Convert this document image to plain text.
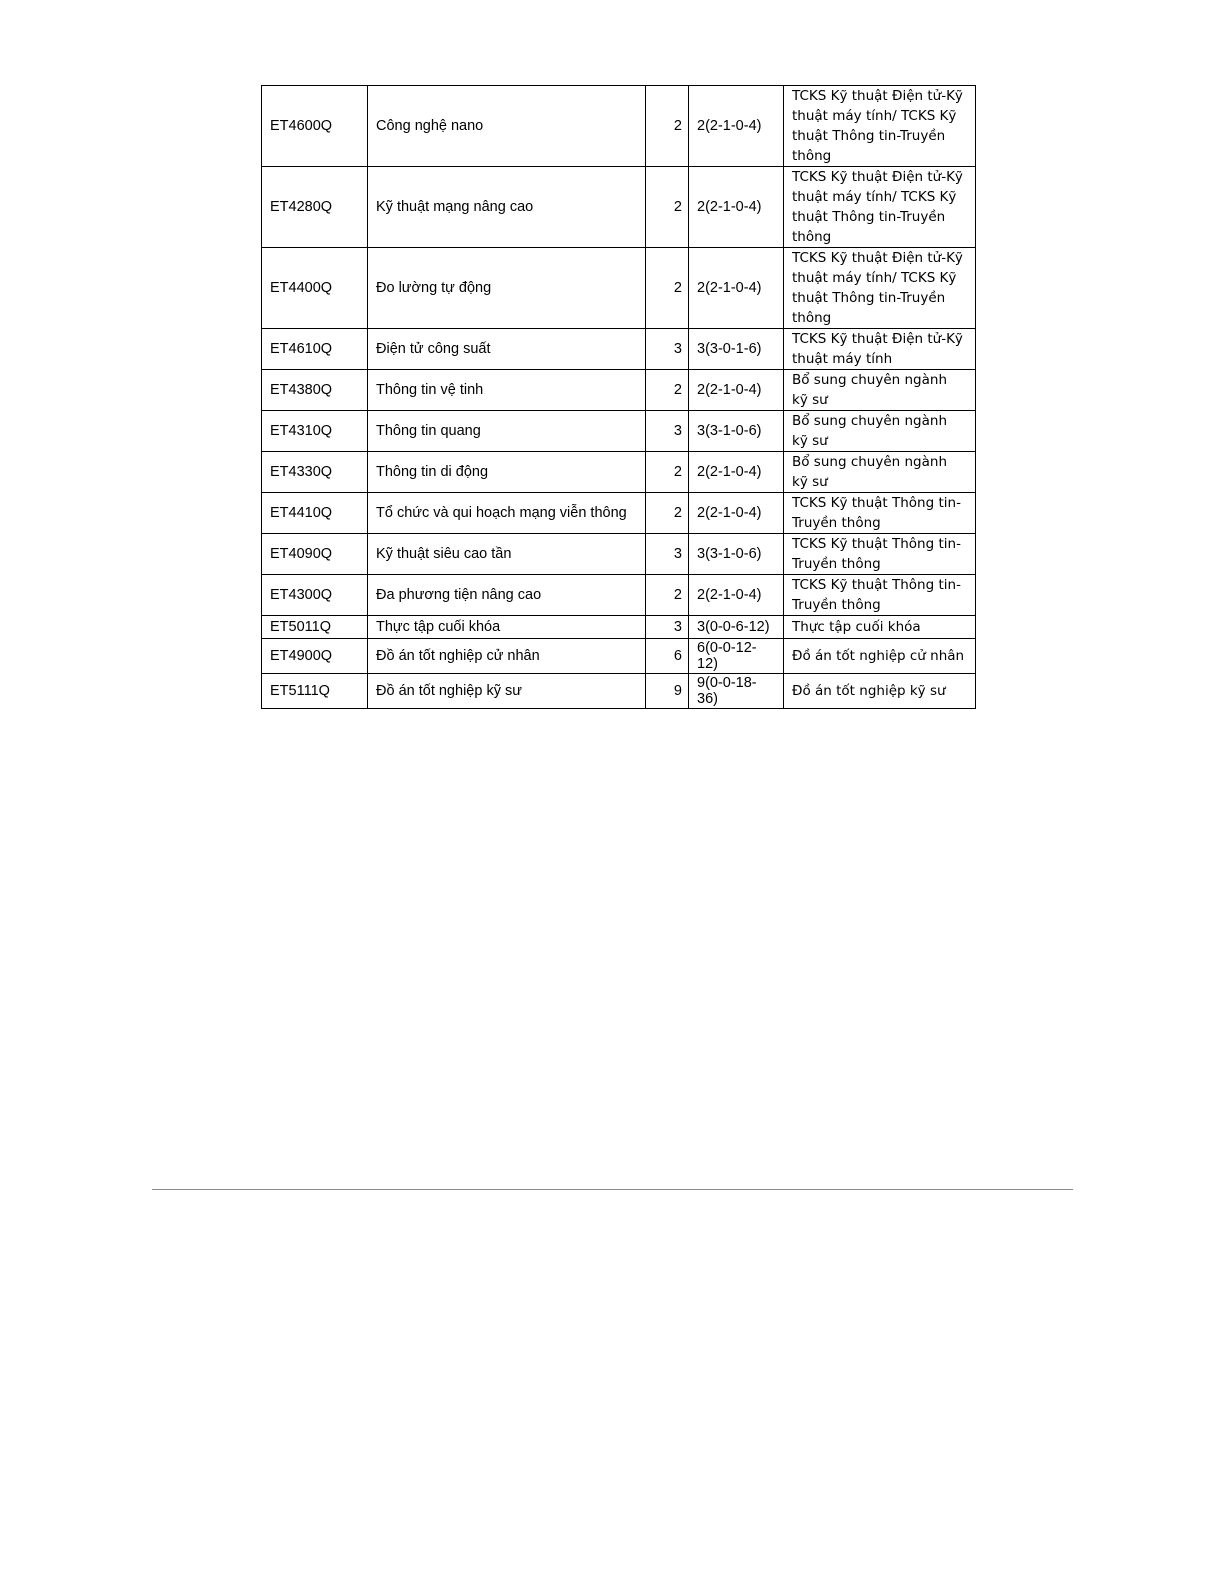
ET4600Q	Công nghệ nano	2	2(2-1-0-4)	TCKS Kỹ thuật Điện tử-Kỹ thuật máy tính/ TCKS Kỹ thuật Thông tin-Truyền thông
ET4280Q	Kỹ thuật mạng nâng cao	2	2(2-1-0-4)	TCKS Kỹ thuật Điện tử-Kỹ thuật máy tính/ TCKS Kỹ thuật Thông tin-Truyền thông
ET4400Q	Đo lường tự động	2	2(2-1-0-4)	TCKS Kỹ thuật Điện tử-Kỹ thuật máy tính/ TCKS Kỹ thuật Thông tin-Truyền thông
ET4610Q	Điện tử công suất	3	3(3-0-1-6)	TCKS Kỹ thuật Điện tử-Kỹ thuật máy tính
ET4380Q	Thông tin vệ tinh	2	2(2-1-0-4)	Bổ sung chuyên ngành kỹ sư
ET4310Q	Thông tin quang	3	3(3-1-0-6)	Bổ sung chuyên ngành kỹ sư
ET4330Q	Thông tin di động	2	2(2-1-0-4)	Bổ sung chuyên ngành kỹ sư
ET4410Q	Tổ chức và qui hoạch mạng viễn thông	2	2(2-1-0-4)	TCKS Kỹ thuật Thông tin-Truyền thông
ET4090Q	Kỹ thuật siêu cao tần	3	3(3-1-0-6)	TCKS Kỹ thuật Thông tin-Truyền thông
ET4300Q	Đa phương tiện nâng cao	2	2(2-1-0-4)	TCKS Kỹ thuật Thông tin-Truyền thông
ET5011Q	Thực tập cuối khóa	3	3(0-0-6-12)	Thực tập cuối khóa
ET4900Q	Đồ án tốt nghiệp cử nhân	6	6(0-0-12-12)	Đồ án tốt nghiệp cử nhân
ET5111Q	Đồ án tốt nghiệp kỹ sư	9	9(0-0-18-36)	Đồ án tốt nghiệp kỹ sư
